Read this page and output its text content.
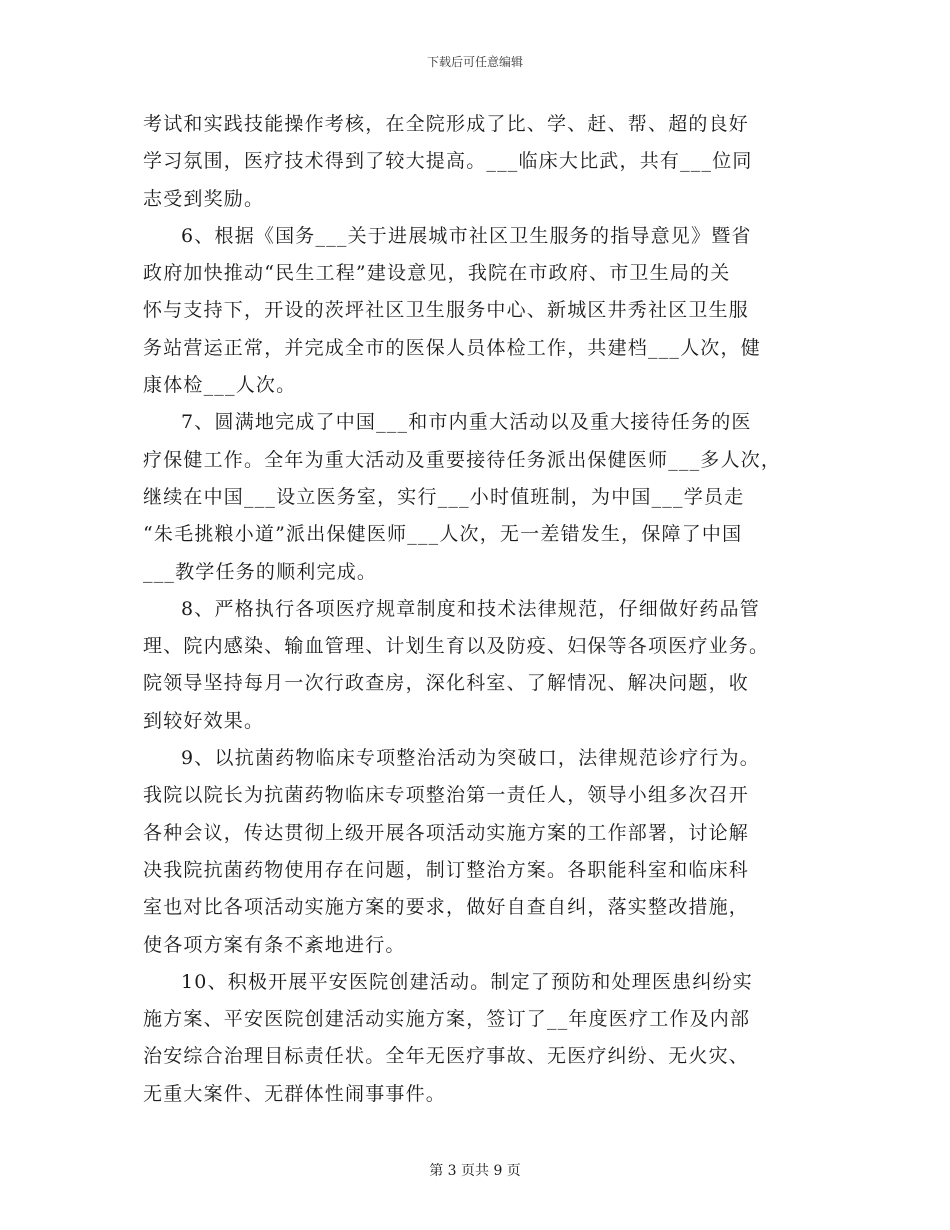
下载后可任意编辑
考试和实践技能操作考核，在全院形成了比、学、赶、帮、超的良好
学习氛围，医疗技术得到了较大提高。___临床大比武，共有___位同
志受到奖励。
6、根据《国务___关于进展城市社区卫生服务的指导意见》暨省
政府加快推动“民生工程”建设意见，我院在市政府、市卫生局的关
怀与支持下，开设的茨坪社区卫生服务中心、新城区井秀社区卫生服
务站营运正常，并完成全市的医保人员体检工作，共建档___人次，健
康体检___人次。
7、圆满地完成了中国___和市内重大活动以及重大接待任务的医
疗保健工作。全年为重大活动及重要接待任务派出保健医师___多人次，
继续在中国___设立医务室，实行___小时值班制，为中国___学员走
“朱毛挑粮小道”派出保健医师___人次，无一差错发生，保障了中国
___教学任务的顺利完成。
8、严格执行各项医疗规章制度和技术法律规范，仔细做好药品管
理、院内感染、输血管理、计划生育以及防疫、妇保等各项医疗业务。
院领导坚持每月一次行政查房，深化科室、了解情况、解决问题，收
到较好效果。
9、以抗菌药物临床专项整治活动为突破口，法律规范诊疗行为。
我院以院长为抗菌药物临床专项整治第一责任人，领导小组多次召开
各种会议，传达贯彻上级开展各项活动实施方案的工作部署，讨论解
决我院抗菌药物使用存在问题，制订整治方案。各职能科室和临床科
室也对比各项活动实施方案的要求，做好自查自纠，落实整改措施，
使各项方案有条不紊地进行。
10、积极开展平安医院创建活动。制定了预防和处理医患纠纷实
施方案、平安医院创建活动实施方案，签订了__年度医疗工作及内部
治安综合治理目标责任状。全年无医疗事故、无医疗纠纷、无火灾、
无重大案件、无群体性闹事事件。
第 3 页共 9 页
